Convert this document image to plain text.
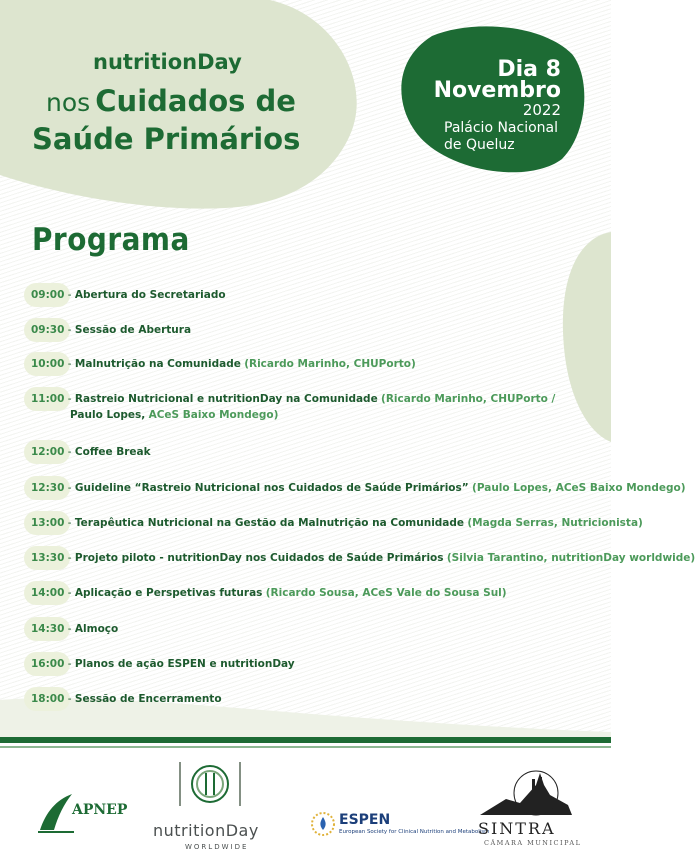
nutritionDay
nos Cuidados de
Saúde Primários
Dia 8
Novembro
2022
Palácio Nacional
de Queluz
Programa
09:00 - Abertura do Secretariado
09:30 - Sessão de Abertura
10:00 - Malnutrição na Comunidade (Ricardo Marinho, CHUPorto)
11:00 - Rastreio Nutricional e nutritionDay na Comunidade (Ricardo Marinho, CHUPorto /
Paulo Lopes, ACeS Baixo Mondego)
12:00 - Coffee Break
12:30 - Guideline “Rastreio Nutricional nos Cuidados de Saúde Primários” (Paulo Lopes, ACeS Baixo Mondego)
13:00 - Terapêutica Nutricional na Gestão da Malnutrição na Comunidade (Magda Serras, Nutricionista)
13:30 - Projeto piloto - nutritionDay nos Cuidados de Saúde Primários (Silvia Tarantino, nutritionDay worldwide)
14:00 - Aplicação e Perspetivas futuras (Ricardo Sousa, ACeS Vale do Sousa Sul)
14:30 - Almoço
16:00 - Planos de ação ESPEN e nutritionDay
18:00 - Sessão de Encerramento
APNEP
nutritionDay
WORLDWIDE
ESPEN
European Society for Clinical Nutrition and Metabolism
SINTRA
CÂMARA MUNICIPAL
